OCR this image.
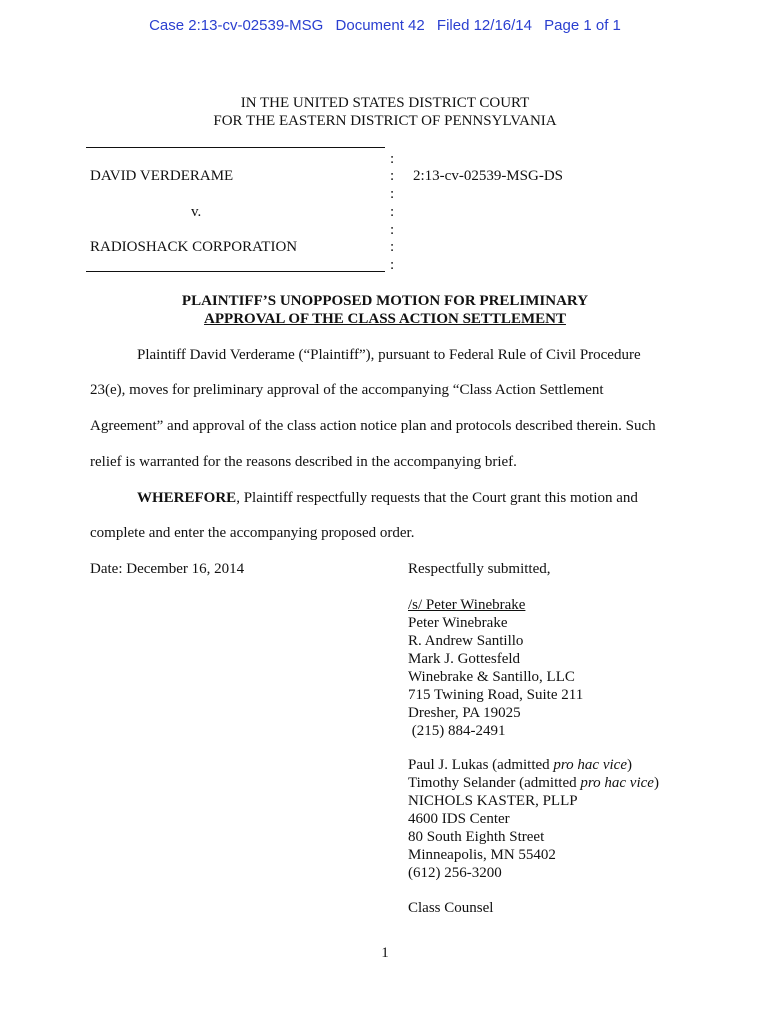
Case 2:13-cv-02539-MSG Document 42 Filed 12/16/14 Page 1 of 1
IN THE UNITED STATES DISTRICT COURT
FOR THE EASTERN DISTRICT OF PENNSYLVANIA
:
:
:
:
:
:
:
DAVID VERDERAME
v.
RADIOSHACK CORPORATION
2:13-cv-02539-MSG-DS
PLAINTIFF’S UNOPPOSED MOTION FOR PRELIMINARY
APPROVAL OF THE CLASS ACTION SETTLEMENT
Plaintiff David Verderame (“Plaintiff”), pursuant to Federal Rule of Civil Procedure
23(e), moves for preliminary approval of the accompanying “Class Action Settlement
Agreement” and approval of the class action notice plan and protocols described therein. Such
relief is warranted for the reasons described in the accompanying brief.
WHEREFORE, Plaintiff respectfully requests that the Court grant this motion and
complete and enter the accompanying proposed order.
Date: December 16, 2014	Respectfully submitted,
/s/ Peter Winebrake
Peter Winebrake
R. Andrew Santillo
Mark J. Gottesfeld
Winebrake & Santillo, LLC
715 Twining Road, Suite 211
Dresher, PA 19025
(215) 884-2491
Paul J. Lukas (admitted pro hac vice)
Timothy Selander (admitted pro hac vice)
NICHOLS KASTER, PLLP
4600 IDS Center
80 South Eighth Street
Minneapolis, MN 55402
(612) 256-3200
Class Counsel
1
